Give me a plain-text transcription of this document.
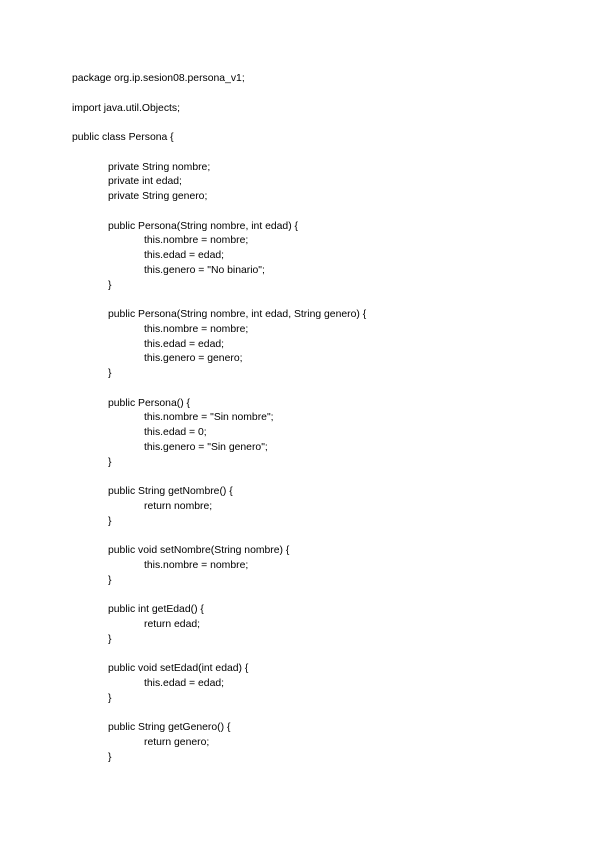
package org.ip.sesion08.persona_v1;
import java.util.Objects;
public class Persona {
private String nombre;
private int edad;
private String genero;
public Persona(String nombre, int edad) {
this.nombre = nombre;
this.edad = edad;
this.genero = "No binario";
}
public Persona(String nombre, int edad, String genero) {
this.nombre = nombre;
this.edad = edad;
this.genero = genero;
}
public Persona() {
this.nombre = "Sin nombre";
this.edad = 0;
this.genero = "Sin genero";
}
public String getNombre() {
return nombre;
}
public void setNombre(String nombre) {
this.nombre = nombre;
}
public int getEdad() {
return edad;
}
public void setEdad(int edad) {
this.edad = edad;
}
public String getGenero() {
return genero;
}
